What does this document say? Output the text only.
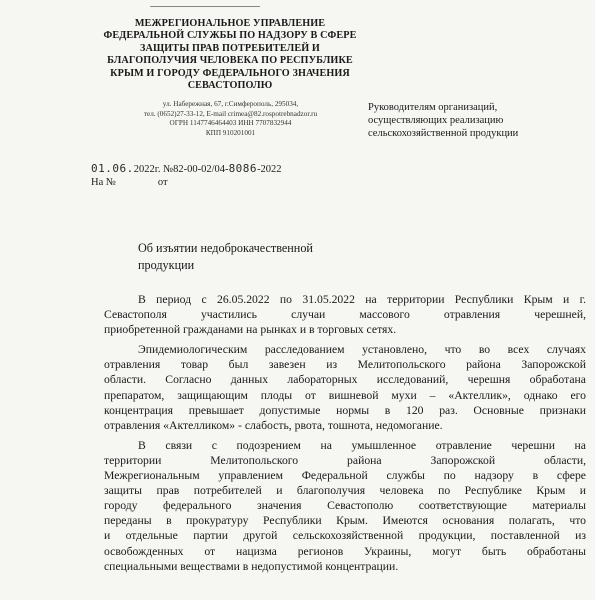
МЕЖРЕГИОНАЛЬНОЕ УПРАВЛЕНИЕ
ФЕДЕРАЛЬНОЙ СЛУЖБЫ ПО НАДЗОРУ В СФЕРЕ
ЗАЩИТЫ ПРАВ ПОТРЕБИТЕЛЕЙ И
БЛАГОПОЛУЧИЯ ЧЕЛОВЕКА ПО РЕСПУБЛИКЕ
КРЫМ И ГОРОДУ ФЕДЕРАЛЬНОГО ЗНАЧЕНИЯ
СЕВАСТОПОЛЮ
ул. Набережная, 67, г.Симферополь, 295034,
тел. (0652)27-33-12, E-mail crimea@82.rospotrebnadzor.ru
ОГРН 1147746464403 ИНН 7707832944
КПП 910201001
Руководителям организаций,
осуществляющих реализацию
сельскохозяйственной продукции
01.06.2022г. №82-00-02/04-8086-2022
На №	от
Об изъятии недоброкачественной
продукции

В период с 26.05.2022 по 31.05.2022 на территории Республики Крым и г.
Севастополя участились случаи массового отравления черешней,
приобретенной гражданами на рынках и в торговых сетях.

Эпидемиологическим расследованием установлено, что во всех случаях
отравления товар был завезен из Мелитопольского района Запорожской
области. Согласно данных лабораторных исследований, черешня обработана
препаратом, защищающим плоды от вишневой мухи – «Актеллик», однако его
концентрация превышает допустимые нормы в 120 раз. Основные признаки
отравления «Актелликом» - слабость, рвота, тошнота, недомогание.

В связи с подозрением на умышленное отравление черешни на
территории Мелитопольского района Запорожской области,
Межрегиональным управлением Федеральной службы по надзору в сфере
защиты прав потребителей и благополучия человека по Республике Крым и
городу федерального значения Севастополю соответствующие материалы
переданы в прокуратуру Республики Крым. Имеются основания полагать, что
и отдельные партии другой сельскохозяйственной продукции, поставленной из
освобожденных от нацизма регионов Украины, могут быть обработаны
специальными веществами в недопустимой концентрации.
